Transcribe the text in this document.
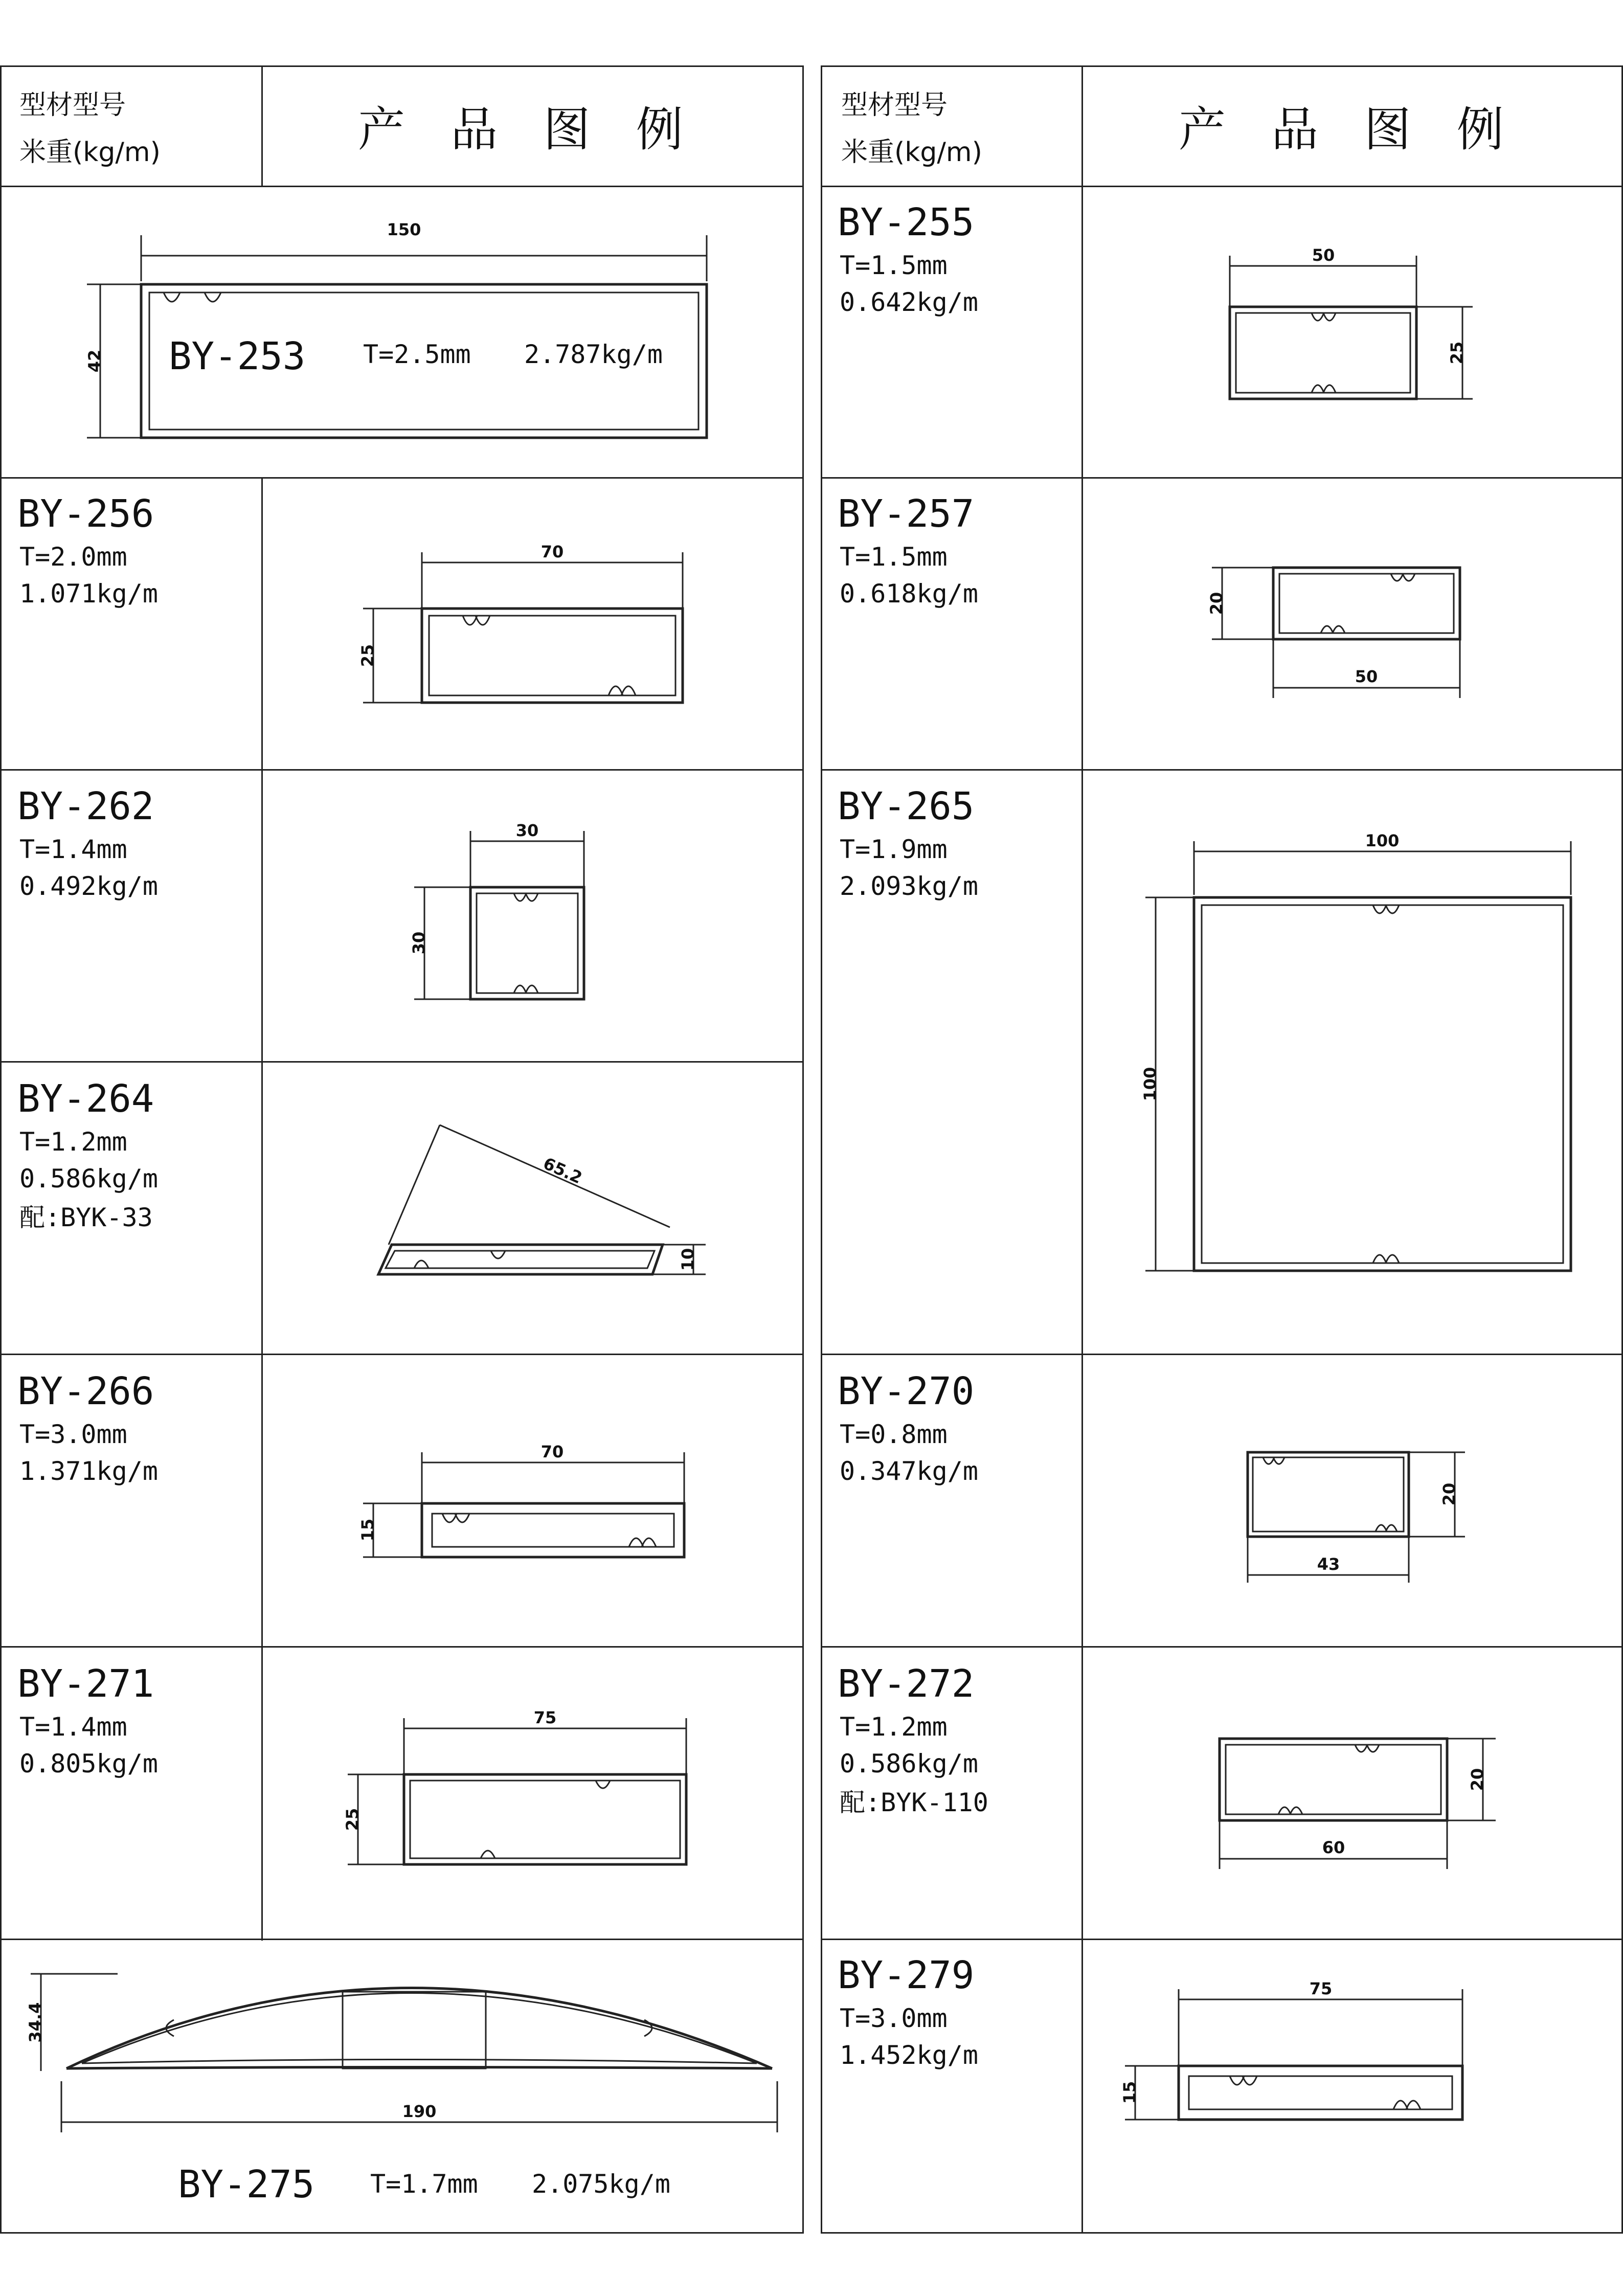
型材型号
米重(kg/m)	产 品 图 例
150
42 BY-253 T=2.5mm 2.787kg/m
BY-256
T=2.0mm
1.071kg/m
70
25
BY-262
T=1.4mm
0.492kg/m
30
30
BY-264
T=1.2mm
0.586kg/m
配:BYK-33
65.2
10
BY-266
T=3.0mm
1.371kg/m
70
15
BY-271
T=1.4mm
0.805kg/m
75
25
190
34.4
BY-275 T=1.7mm 2.075kg/m
型材型号
米重(kg/m)	产 品 图 例
BY-255
T=1.5mm
0.642kg/m
50
25
BY-257
T=1.5mm
0.618kg/m
50
20
BY-265
T=1.9mm
2.093kg/m
100
100
BY-270
T=0.8mm
0.347kg/m
43
20
BY-272
T=1.2mm
0.586kg/m
配:BYK-110
60
20
BY-279
T=3.0mm
1.452kg/m
75
15
